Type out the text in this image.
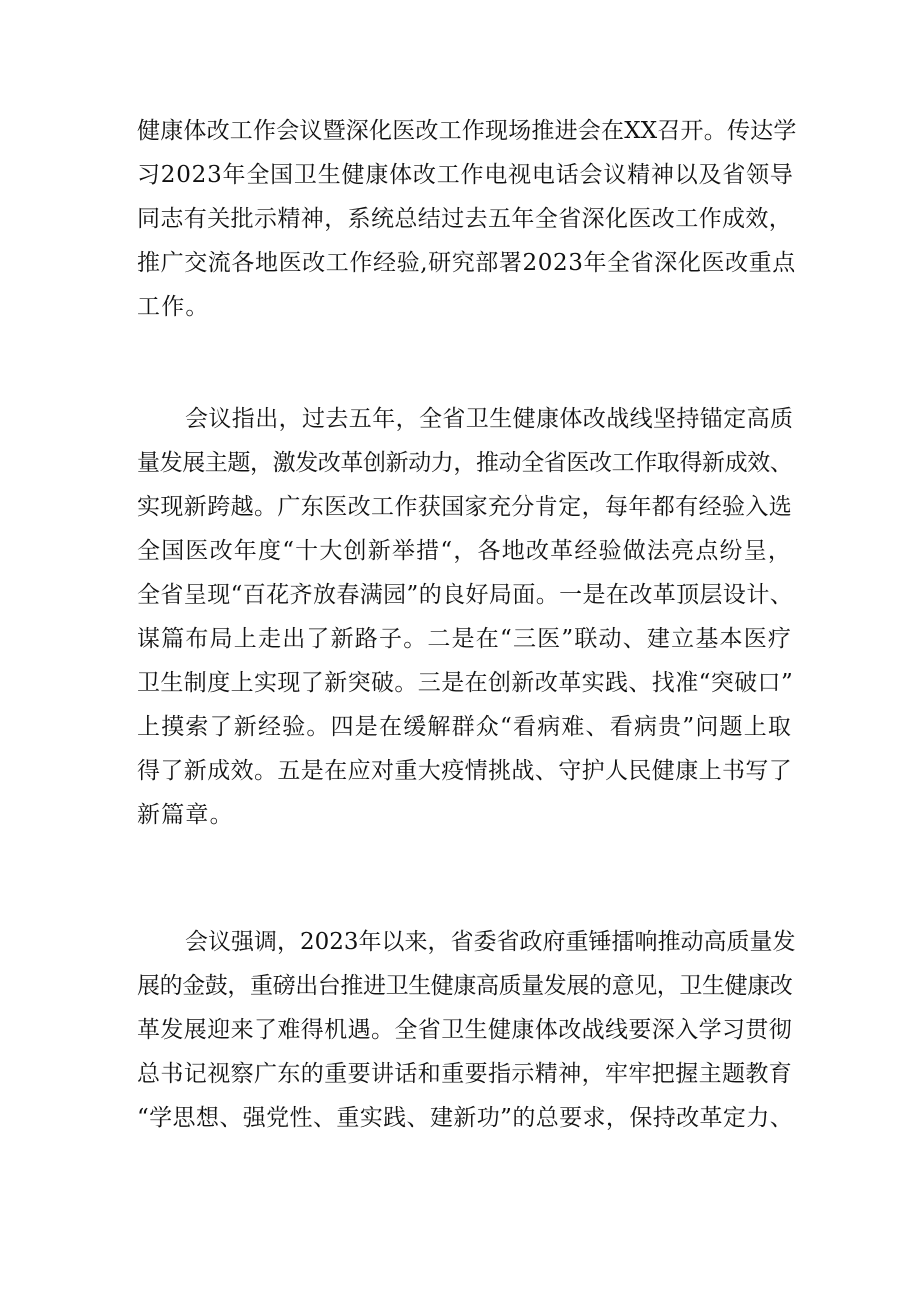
健康体改工作会议暨深化医改工作现场推进会在XX召开。传达学
习2023年全国卫生健康体改工作电视电话会议精神以及省领导
同志有关批示精神，系统总结过去五年全省深化医改工作成效，
推广交流各地医改工作经验,研究部署2023年全省深化医改重点
工作。
会议指出，过去五年，全省卫生健康体改战线坚持锚定高质
量发展主题，激发改革创新动力，推动全省医改工作取得新成效、
实现新跨越。广东医改工作获国家充分肯定，每年都有经验入选
全国医改年度“十大创新举措“，各地改革经验做法亮点纷呈，
全省呈现“百花齐放春满园”的良好局面。一是在改革顶层设计、
谋篇布局上走出了新路子。二是在“三医”联动、建立基本医疗
卫生制度上实现了新突破。三是在创新改革实践、找准“突破口”
上摸索了新经验。四是在缓解群众“看病难、看病贵”问题上取
得了新成效。五是在应对重大疫情挑战、守护人民健康上书写了
新篇章。
会议强调，2023年以来，省委省政府重锤擂响推动高质量发
展的金鼓，重磅出台推进卫生健康高质量发展的意见，卫生健康改
革发展迎来了难得机遇。全省卫生健康体改战线要深入学习贯彻
总书记视察广东的重要讲话和重要指示精神，牢牢把握主题教育
“学思想、强党性、重实践、建新功”的总要求，保持改革定力、
